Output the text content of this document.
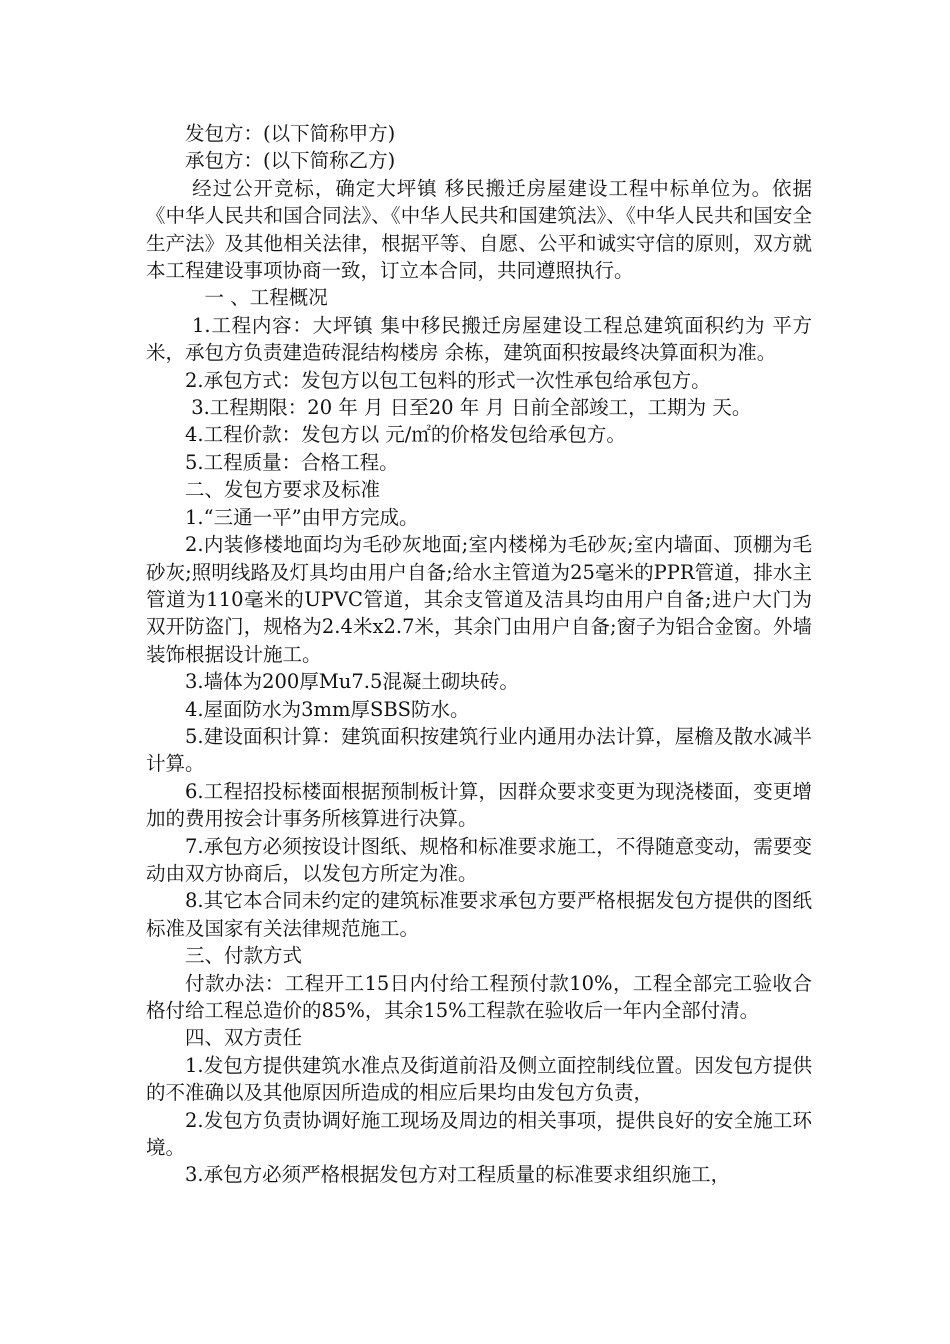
发包方：(以下简称甲方)

承包方：(以下简称乙方)

经过公开竞标，确定大坪镇 移民搬迁房屋建设工程中标单位为。依据《中华人民共和国合同法》、《中华人民共和国建筑法》、《中华人民共和国安全生产法》及其他相关法律，根据平等、自愿、公平和诚实守信的原则，双方就本工程建设事项协商一致，订立本合同，共同遵照执行。

一 、工程概况

1.工程内容：大坪镇 集中移民搬迁房屋建设工程总建筑面积约为 平方米，承包方负责建造砖混结构楼房 余栋，建筑面积按最终决算面积为准。

2.承包方式：发包方以包工包料的形式一次性承包给承包方。

3.工程期限：20 年 月 日至20 年 月 日前全部竣工，工期为 天。

4.工程价款：发包方以 元/㎡的价格发包给承包方。

5.工程质量：合格工程。

二、发包方要求及标准

1.“三通一平”由甲方完成。

2.内装修楼地面均为毛砂灰地面;室内楼梯为毛砂灰;室内墙面、顶棚为毛砂灰;照明线路及灯具均由用户自备;给水主管道为25毫米的PPR管道，排水主管道为110毫米的UPVC管道，其余支管道及洁具均由用户自备;进户大门为双开防盗门，规格为2.4米x2.7米，其余门由用户自备;窗子为铝合金窗。外墙装饰根据设计施工。

3.墙体为200厚Mu7.5混凝土砌块砖。

4.屋面防水为3mm厚SBS防水。

5.建设面积计算：建筑面积按建筑行业内通用办法计算，屋檐及散水减半计算。

6.工程招投标楼面根据预制板计算，因群众要求变更为现浇楼面，变更增加的费用按会计事务所核算进行决算。

7.承包方必须按设计图纸、规格和标准要求施工，不得随意变动，需要变动由双方协商后，以发包方所定为准。

8.其它本合同未约定的建筑标准要求承包方要严格根据发包方提供的图纸标准及国家有关法律规范施工。

三、付款方式

付款办法：工程开工15日内付给工程预付款10%，工程全部完工验收合格付给工程总造价的85%，其余15%工程款在验收后一年内全部付清。

四、双方责任

1.发包方提供建筑水准点及街道前沿及侧立面控制线位置。因发包方提供的不准确以及其他原因所造成的相应后果均由发包方负责，

2.发包方负责协调好施工现场及周边的相关事项，提供良好的安全施工环境。

3.承包方必须严格根据发包方对工程质量的标准要求组织施工，
